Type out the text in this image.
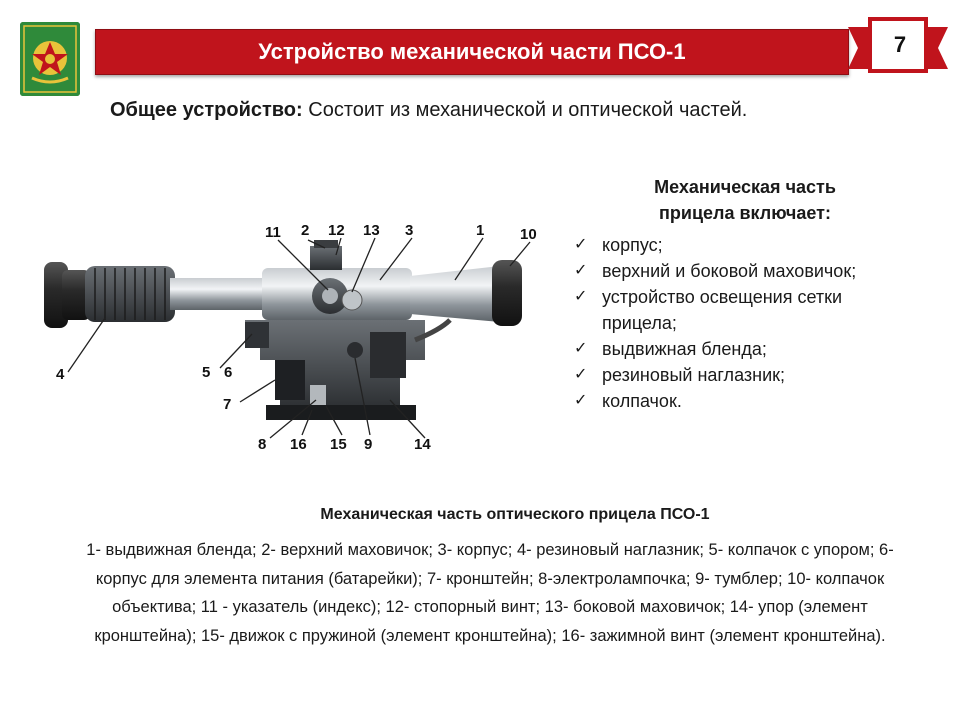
Устройство механической части ПСО-1	7
Общее устройство: Состоит из механической и оптической частей.
11 2 12 13 3	1 10
4	5 6
7
8 16 15 9	14
Механическая часть
прицела включает:
✓ корпус;
✓ верхний и боковой маховичок;
✓ устройство освещения сетки прицела;
✓ выдвижная бленда;
✓ резиновый наглазник;
✓ колпачок.
Механическая часть оптического прицела ПСО-1
1- выдвижная бленда; 2- верхний маховичок; 3- корпус; 4- резиновый наглазник; 5- колпачок с упором; 6- корпус для элемента питания (батарейки); 7- кронштейн; 8-электролампочка; 9- тумблер; 10- колпачок объектива; 11 - указатель (индекс); 12- стопорный винт; 13- боковой маховичок; 14- упор (элемент кронштейна); 15- движок с пружиной (элемент кронштейна); 16- зажимной винт (элемент кронштейна).
